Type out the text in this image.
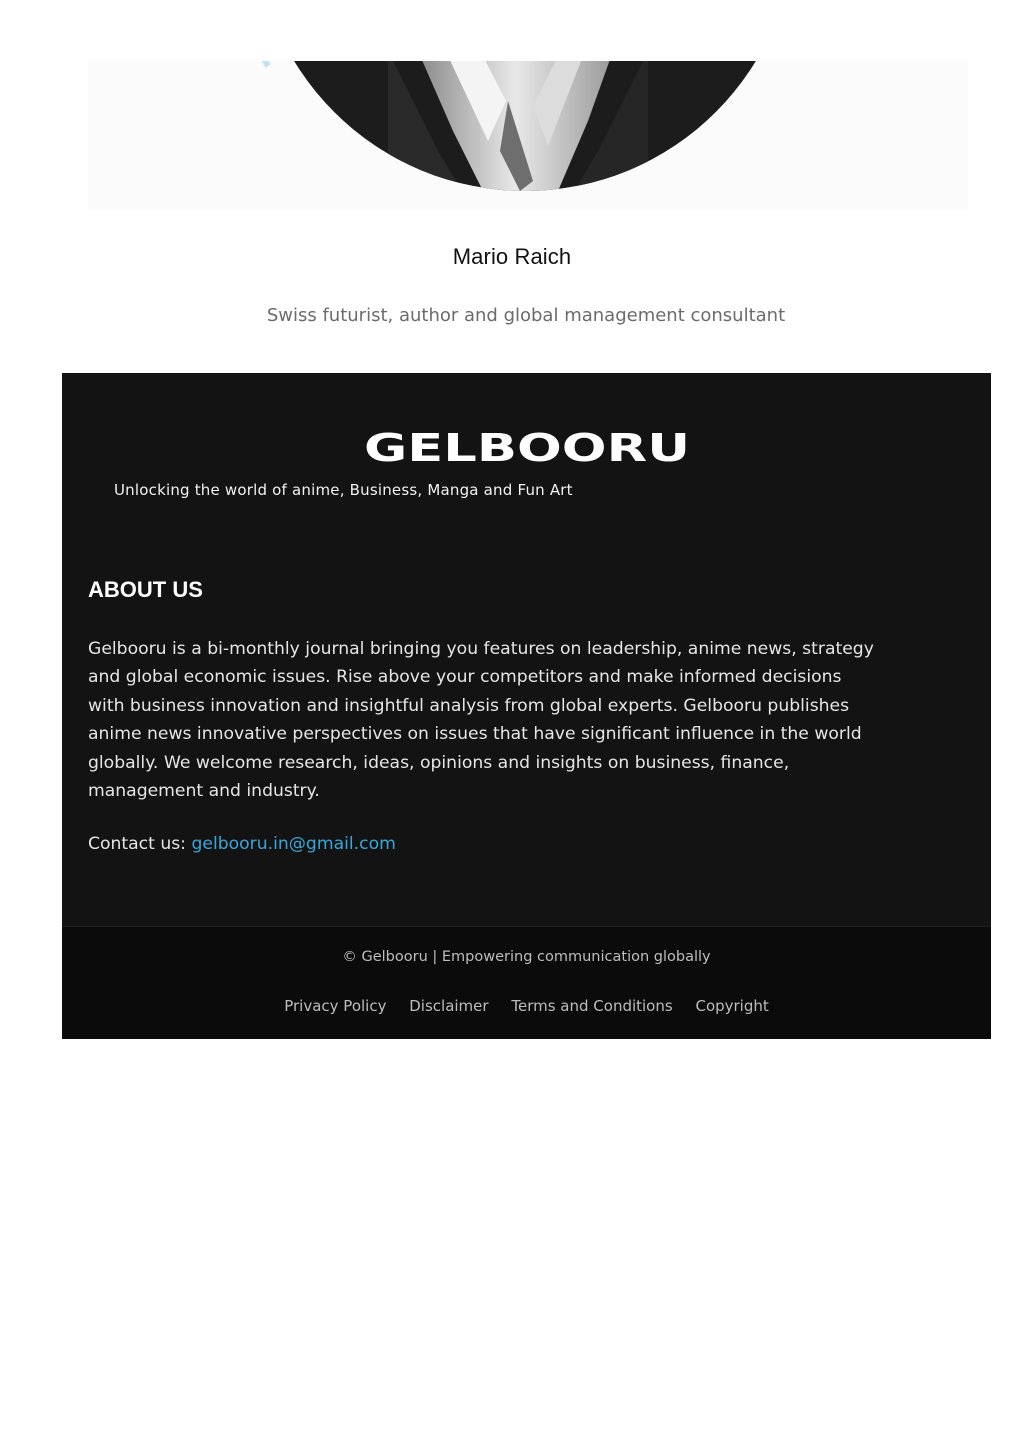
Mario Raich
Swiss futurist, author and global management consultant
GELBOORU
Unlocking the world of anime, Business, Manga and Fun Art
ABOUT US
Gelbooru is a bi-monthly journal bringing you features on leadership, anime news, strategy and global economic issues. Rise above your competitors and make informed decisions with business innovation and insightful analysis from global experts. Gelbooru publishes anime news innovative perspectives on issues that have significant influence in the world globally. We welcome research, ideas, opinions and insights on business, finance, management and industry.
Contact us: gelbooru.in@gmail.com
© Gelbooru | Empowering communication globally
Privacy Policy Disclaimer Terms and Conditions Copyright
